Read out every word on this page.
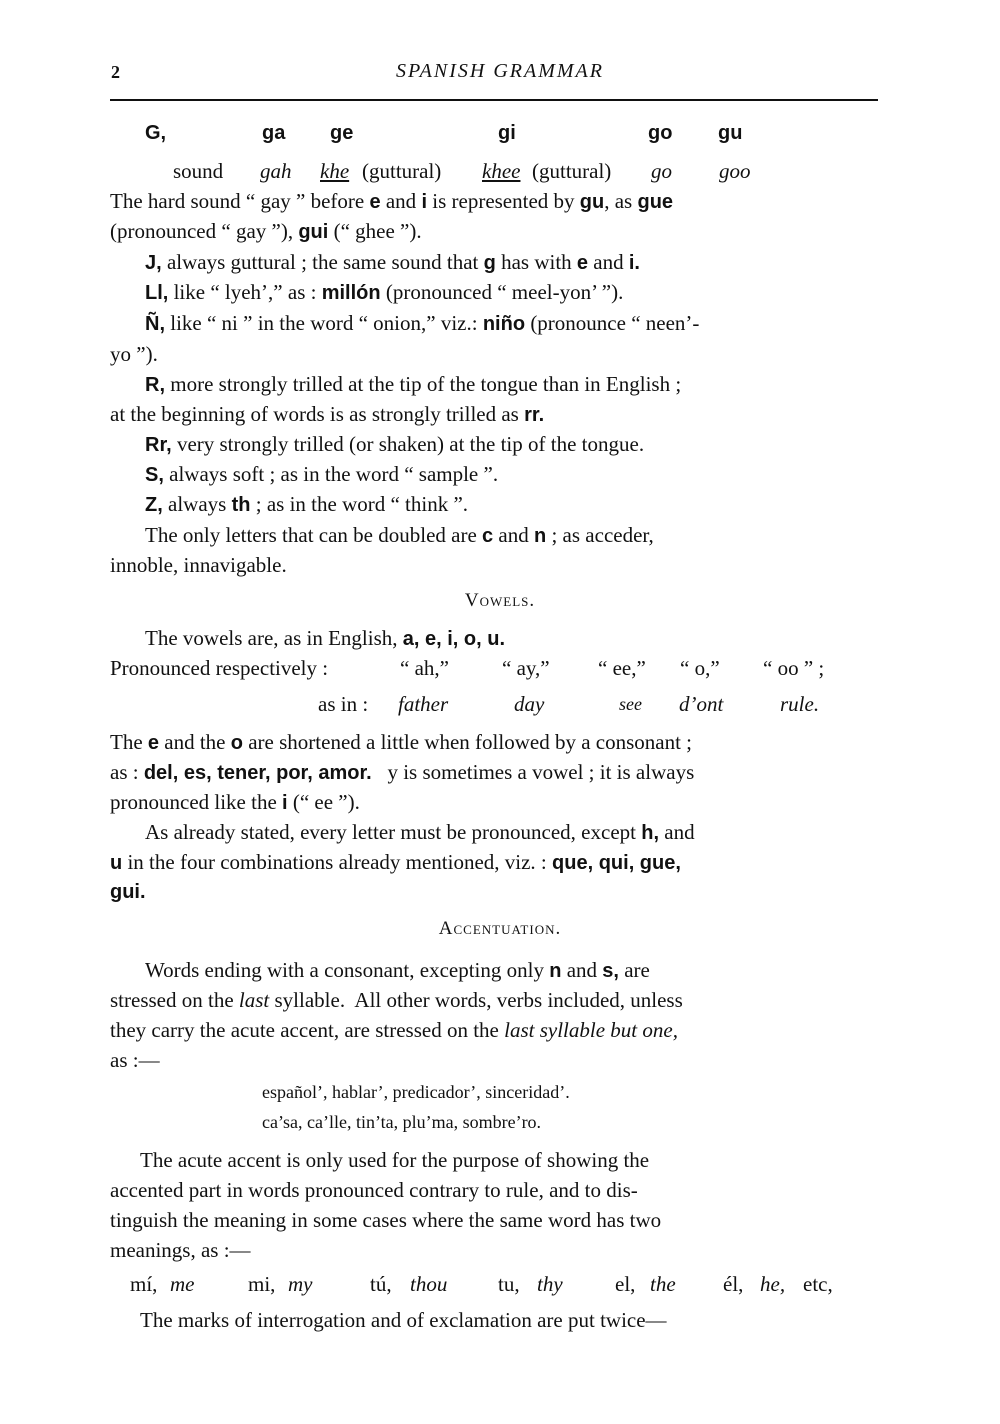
2	SPANISH GRAMMAR
G,	ga ge	gi	go gu
sound gah khe (guttural) khee (guttural) go goo
The hard sound “ gay ” before e and i is represented by gu, as gue
(pronounced “ gay ”), gui (“ ghee ”).
J, always guttural ; the same sound that g has with e and i.
Ll, like “ lyeh’,” as : millón (pronounced “ meel-yon’ ”).
Ñ, like “ ni ” in the word “ onion,” viz.: niño (pronounce “ neen’-
yo ”).
R, more strongly trilled at the tip of the tongue than in English ;
at the beginning of words is as strongly trilled as rr.
Rr, very strongly trilled (or shaken) at the tip of the tongue.
S, always soft ; as in the word “ sample ”.
Z, always th ; as in the word “ think ”.
The only letters that can be doubled are c and n ; as acceder,
innoble, innavigable.
Vowels.
The vowels are, as in English, a, e, i, o, u.
Pronounced respectively :	“ ah,”	“ ay,” “ ee,” “ o,” “ oo ” ;
as in : father	day	see d’ont	rule.
The e and the o are shortened a little when followed by a consonant ;
as : del, es, tener, por, amor.   y is sometimes a vowel ; it is always
pronounced like the i (“ ee ”).
As already stated, every letter must be pronounced, except h, and
u in the four combinations already mentioned, viz. : que, qui, gue,
gui.
Accentuation.
Words ending with a consonant, excepting only n and s, are
stressed on the last syllable.  All other words, verbs included, unless
they carry the acute accent, are stressed on the last syllable but one,
as :—
español’, hablar’, predicador’, sinceridad’.
ca’sa, ca’lle, tin’ta, plu’ma, sombre’ro.
The acute accent is only used for the purpose of showing the
accented part in words pronounced contrary to rule, and to dis-
tinguish the meaning in some cases where the same word has two
meanings, as :—
mí, me	mi, my	tú, thou tu, thy el, the él, he, etc,
The marks of interrogation and of exclamation are put twice—
